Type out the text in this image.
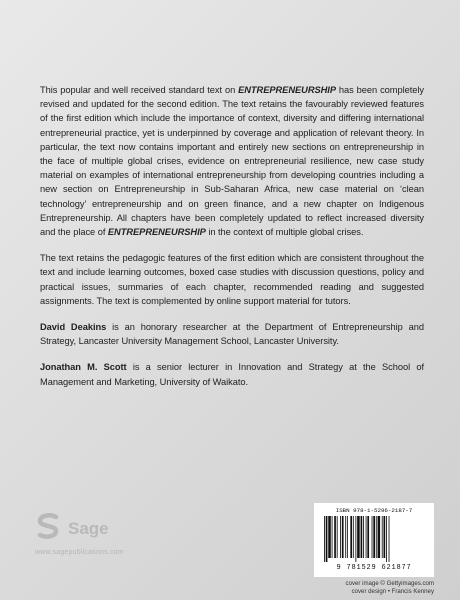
This popular and well received standard text on ENTREPRENEURSHIP has been completely revised and updated for the second edition. The text retains the favourably reviewed features of the first edition which include the importance of context, diversity and differing international entrepreneurial practice, yet is underpinned by coverage and application of relevant theory. In particular, the text now contains important and entirely new sections on entrepreneurship in the face of multiple global crises, evidence on entrepreneurial resilience, new case study material on examples of international entrepreneurship from developing countries including a new section on Entrepreneurship in Sub-Saharan Africa, new case material on ‘clean technology’ entrepreneurship and on green finance, and a new chapter on Indigenous Entrepreneurship. All chapters have been completely updated to reflect increased diversity and the place of ENTREPRENEURSHIP in the context of multiple global crises.

The text retains the pedagogic features of the first edition which are consistent throughout the text and include learning outcomes, boxed case studies with discussion questions, policy and practical issues, summaries of each chapter, recommended reading and suggested assignments. The text is complemented by online support material for tutors.

David Deakins is an honorary researcher at the Department of Entrepreneurship and Strategy, Lancaster University Management School, Lancaster University.

Jonathan M. Scott is a senior lecturer in Innovation and Strategy at the School of Management and Marketing, University of Waikato.

Sage
www.sagepublications.com
ISBN 978-1-5296-2187-7
9 781529 621877
cover image © Gettyimages.com
cover design • Francis Kenney
